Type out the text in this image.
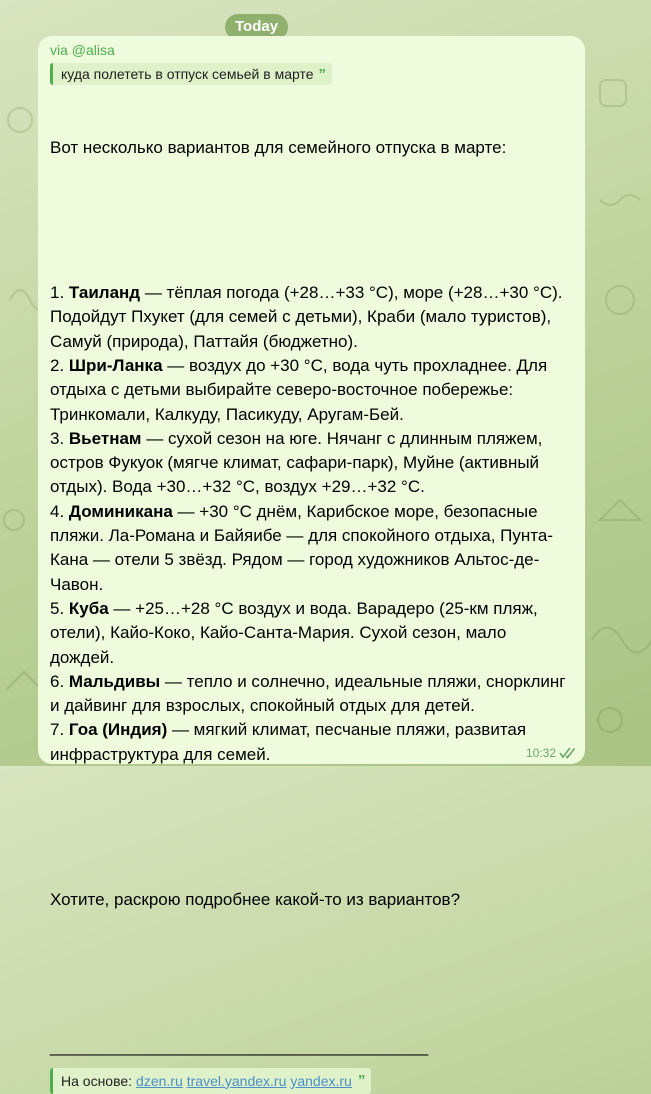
Today
via @alisa
куда полететь в отпуск семьей в марте ”

Вот несколько вариантов для семейного отпуска в марте:

1. Таиланд — тёплая погода (+28…+33 °C), море (+28…+30 °C). Подойдут Пхукет (для семей с детьми), Краби (мало туристов), Самуй (природа), Паттайя (бюджетно).
2. Шри-Ланка — воздух до +30 °C, вода чуть прохладнее. Для отдыха с детьми выбирайте северо-восточное побережье: Тринкомали, Калкуду, Пасикуду, Аругам-Бей.
3. Вьетнам — сухой сезон на юге. Нячанг с длинным пляжем, остров Фукуок (мягче климат, сафари-парк), Муйне (активный отдых). Вода +30…+32 °C, воздух +29…+32 °C.
4. Доминикана — +30 °C днём, Карибское море, безопасные пляжи. Ла-Романа и Байяибе — для спокойного отдыха, Пунта-Кана — отели 5 звёзд. Рядом — город художников Альтос-де-Чавон.
5. Куба — +25…+28 °C воздух и вода. Варадеро (25-км пляж, отели), Кайо-Коко, Кайо-Санта-Мария. Сухой сезон, мало дождей.
6. Мальдивы — тепло и солнечно, идеальные пляжи, снорклинг и дайвинг для взрослых, спокойный отдых для детей.
7. Гоа (Индия) — мягкий климат, песчаные пляжи, развитая инфраструктура для семей.

Хотите, раскрою подробнее какой-то из вариантов?

________________________________________
На основе: dzen.ru travel.yandex.ru yandex.ru ”
10:32
